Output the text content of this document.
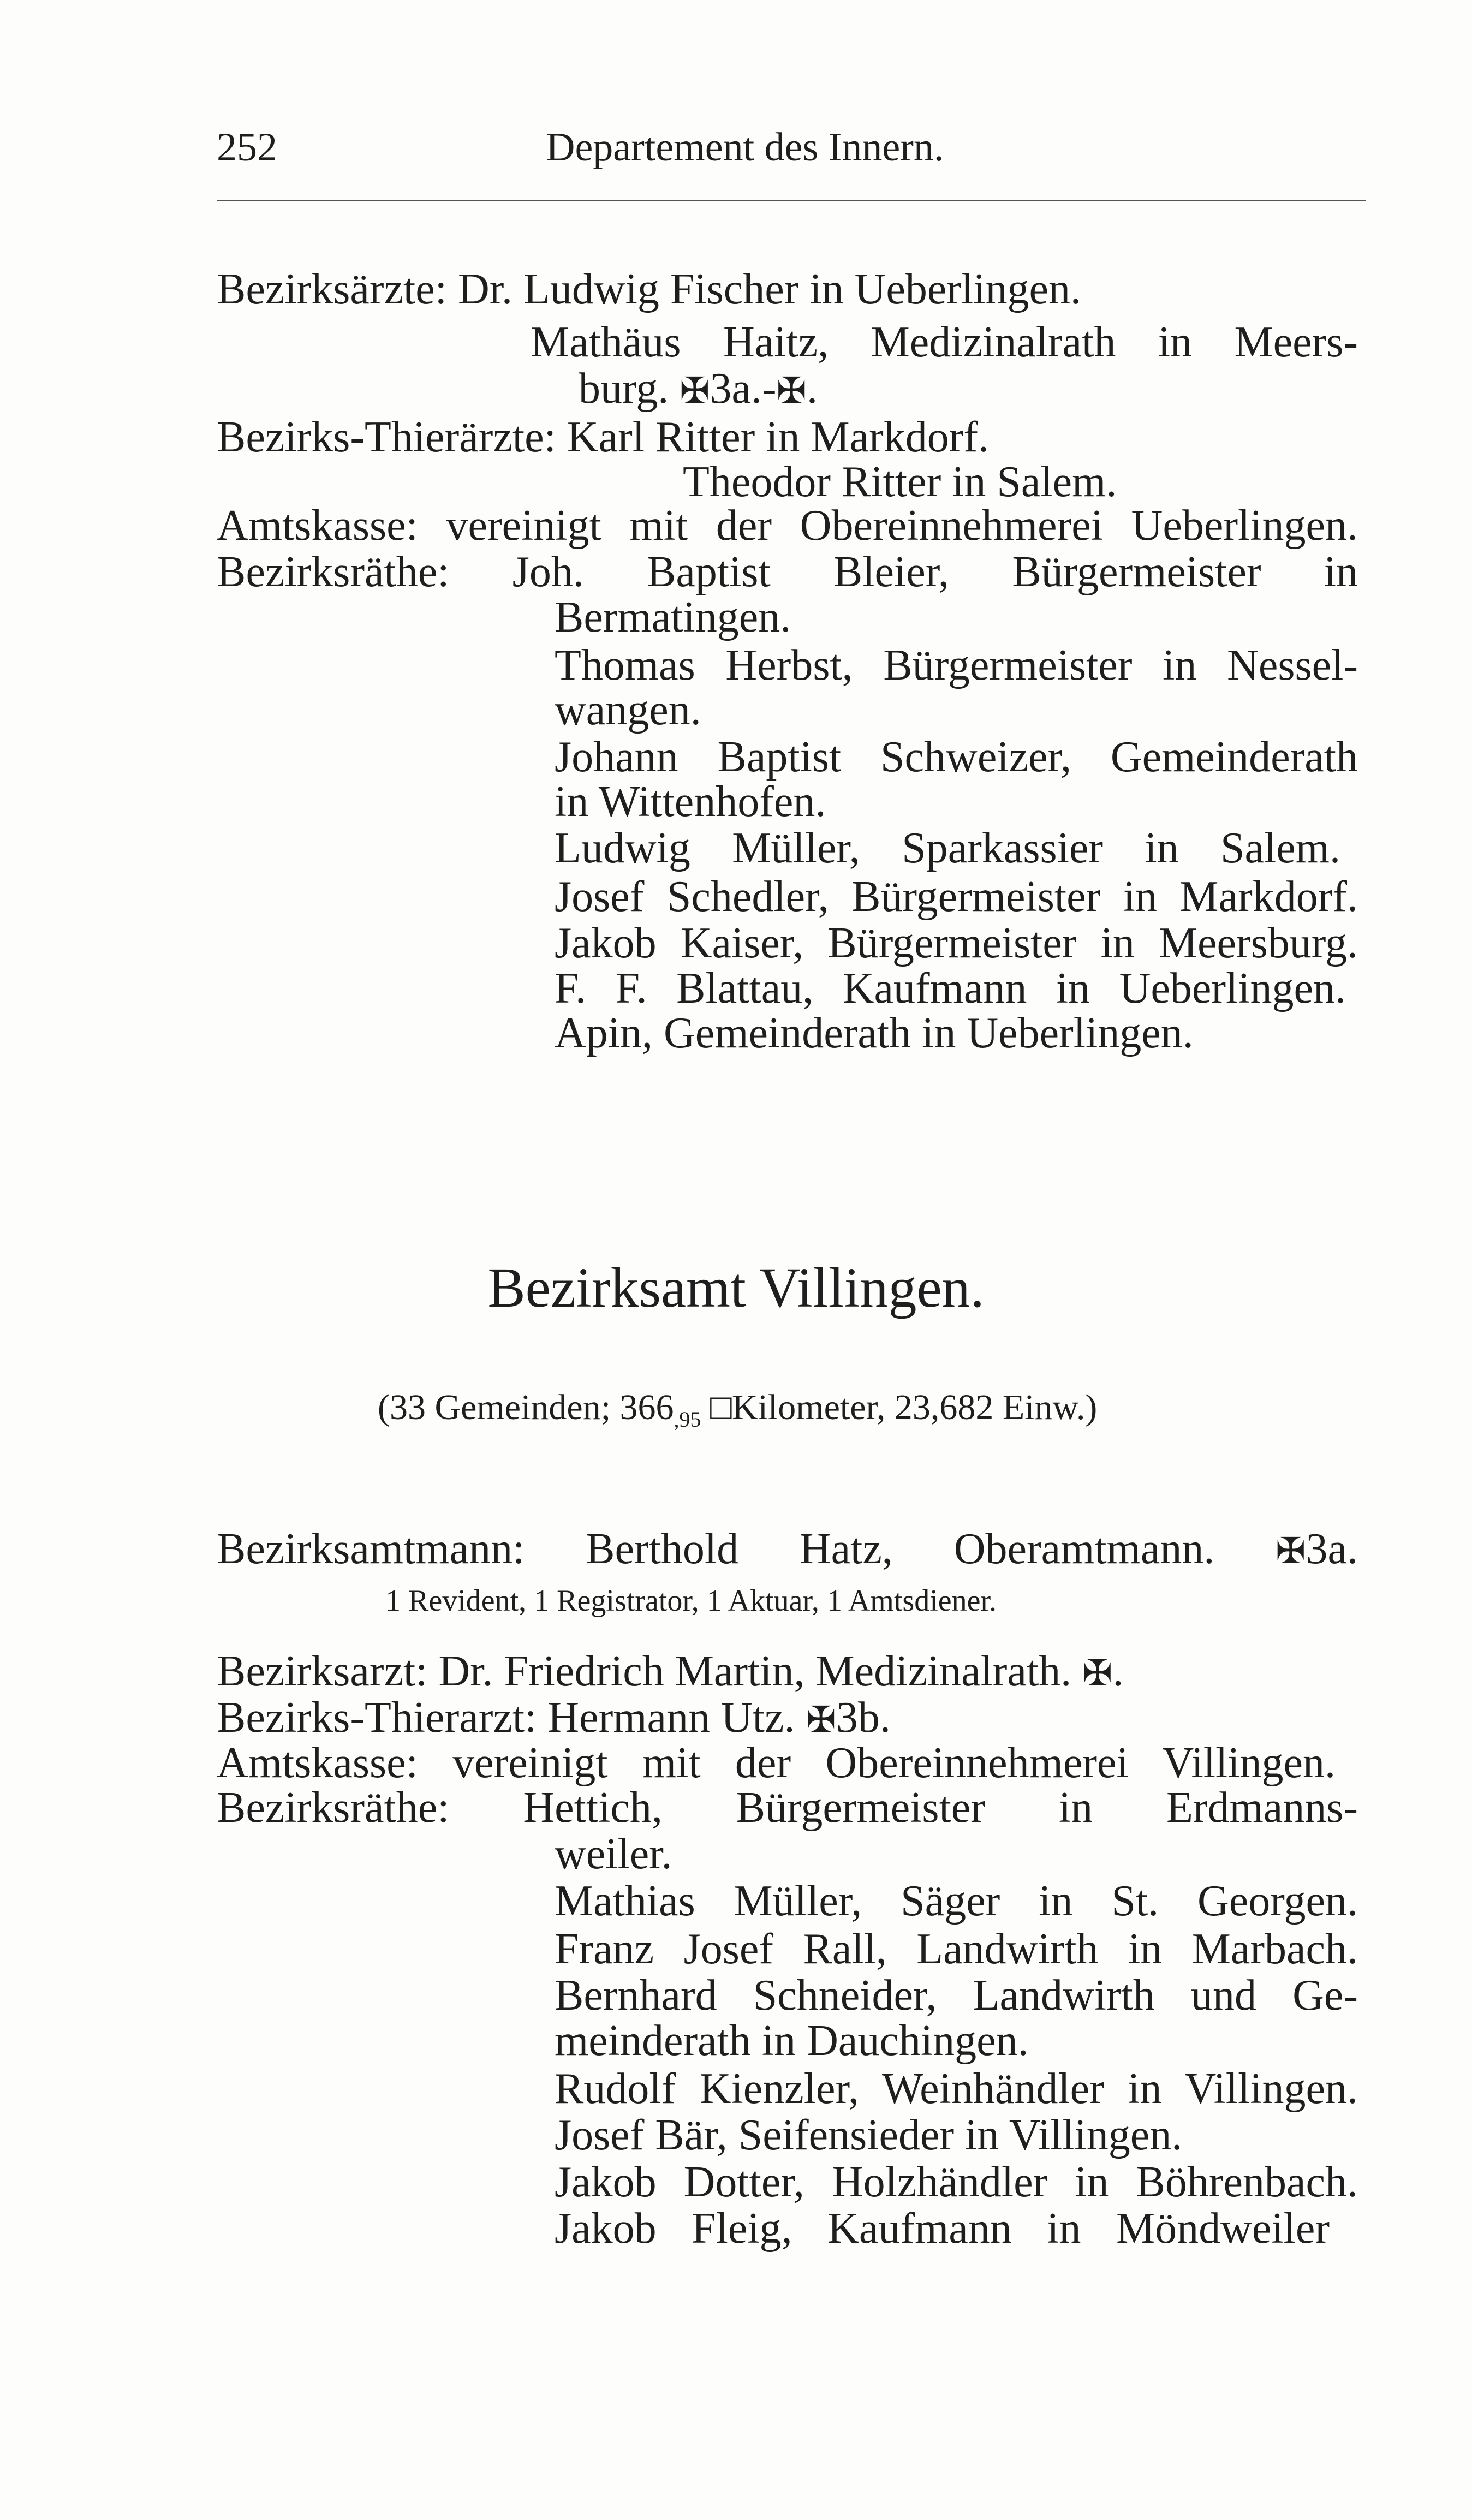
252	Departement des Innern.
Bezirksärzte: Dr. Ludwig Fischer in Ueberlingen.
Mathäus Haitz, Medizinalrath in Meers-
burg. ✠3a.-✠.
Bezirks-Thierärzte: Karl Ritter in Markdorf.
Theodor Ritter in Salem.
Amtskasse: vereinigt mit der Obereinnehmerei Ueberlingen.
Bezirksräthe: Joh. Baptist Bleier, Bürgermeister in
Bermatingen.
Thomas Herbst, Bürgermeister in Nessel-
wangen.
Johann Baptist Schweizer, Gemeinderath
in Wittenhofen.
Ludwig Müller, Sparkassier in Salem.
Josef Schedler, Bürgermeister in Markdorf.
Jakob Kaiser, Bürgermeister in Meersburg.
F. F. Blattau, Kaufmann in Ueberlingen.
Apin, Gemeinderath in Ueberlingen.
Bezirksamt Villingen.
(33 Gemeinden; $366_{,95}$ □Kilometer, 23,682 Einw.)
Bezirksamtmann: Berthold Hatz, Oberamtmann. ✠3a.
1 Revident, 1 Registrator, 1 Aktuar, 1 Amtsdiener.
Bezirksarzt: Dr. Friedrich Martin, Medizinalrath. ✠.
Bezirks-Thierarzt: Hermann Utz. ✠3b.
Amtskasse: vereinigt mit der Obereinnehmerei Villingen.
Bezirksräthe: Hettich, Bürgermeister in Erdmanns-
weiler.
Mathias Müller, Säger in St. Georgen.
Franz Josef Rall, Landwirth in Marbach.
Bernhard Schneider, Landwirth und Ge-
meinderath in Dauchingen.
Rudolf Kienzler, Weinhändler in Villingen.
Josef Bär, Seifensieder in Villingen.
Jakob Dotter, Holzhändler in Böhrenbach.
Jakob Fleig, Kaufmann in Möndweiler
